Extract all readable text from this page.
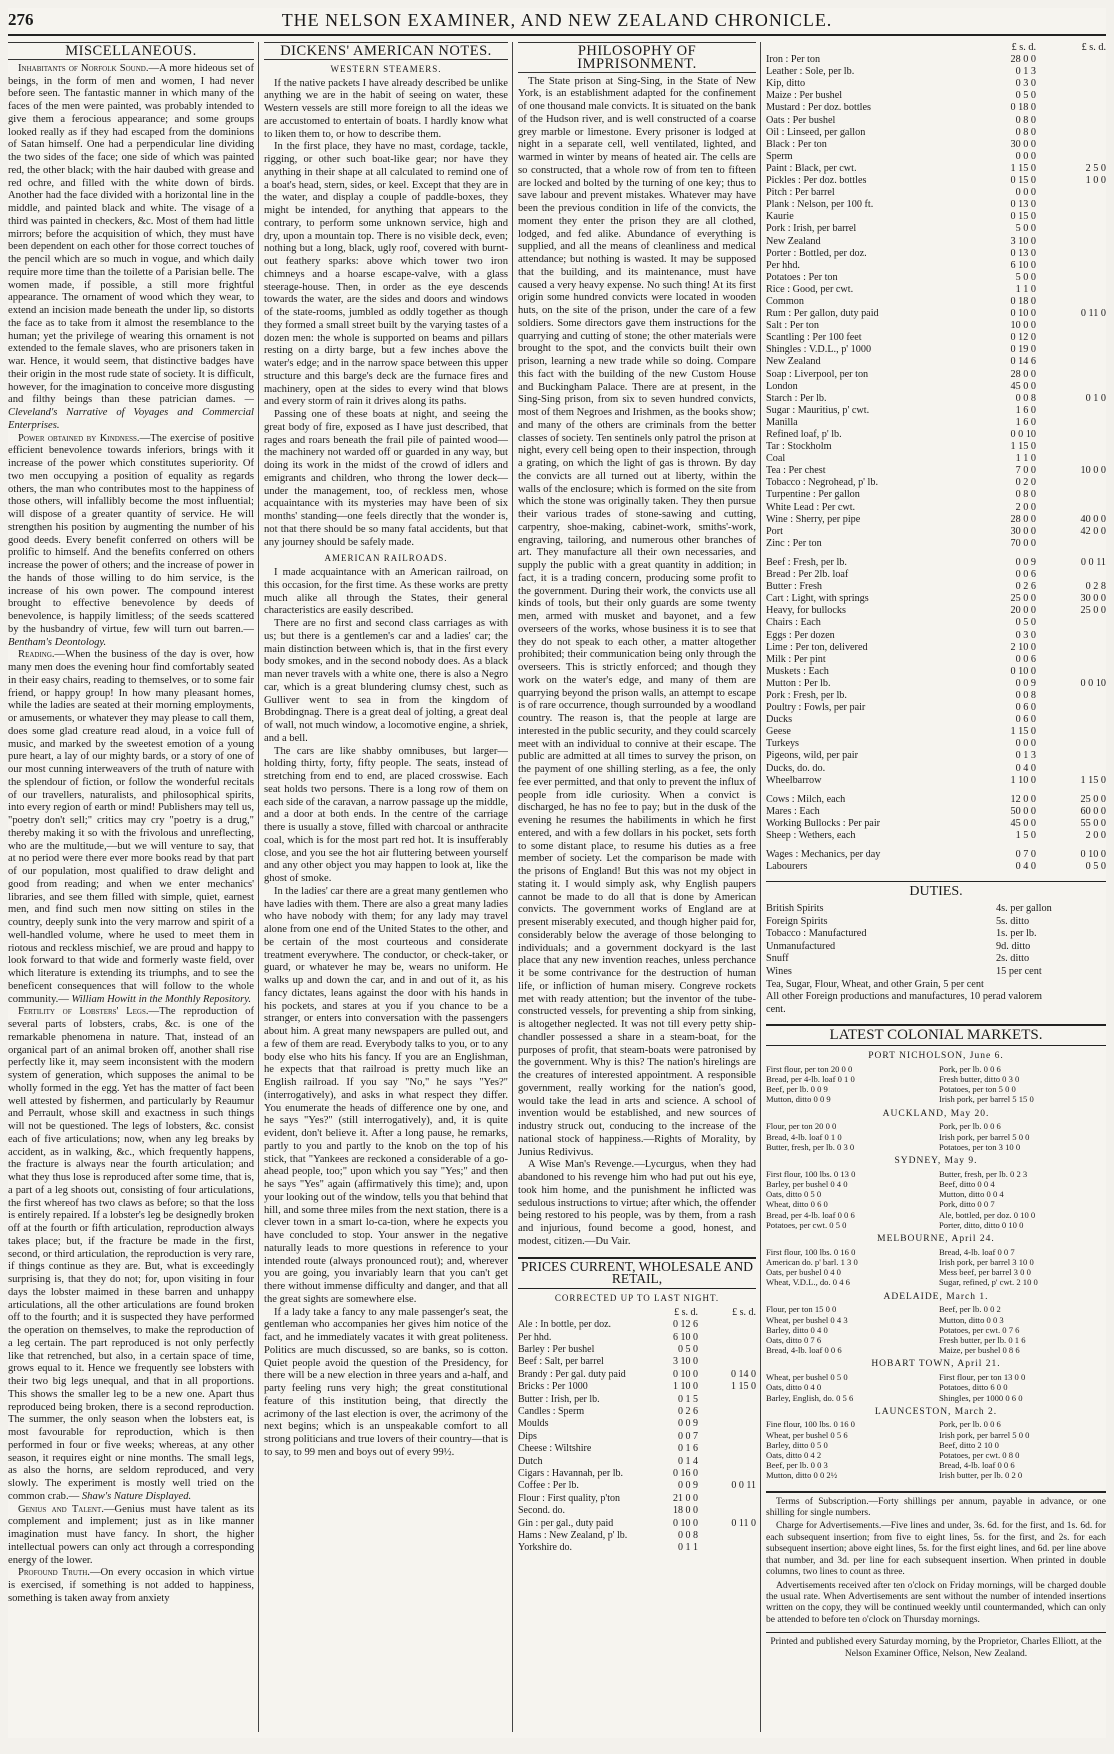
276	THE NELSON EXAMINER, AND NEW ZEALAND CHRONICLE.
MISCELLANEOUS.

Inhabitants of Norfolk Sound.—A more hideous set of beings, in the form of men and women, I had never before seen. The fantastic manner in which many of the faces of the men were painted, was probably intended to give them a ferocious appearance; and some groups looked really as if they had escaped from the dominions of Satan himself. One had a perpendicular line dividing the two sides of the face; one side of which was painted red, the other black; with the hair daubed with grease and red ochre, and filled with the white down of birds. Another had the face divided with a horizontal line in the middle, and painted black and white. The visage of a third was painted in checkers, &c. Most of them had little mirrors; before the acquisition of which, they must have been dependent on each other for those correct touches of the pencil which are so much in vogue, and which daily require more time than the toilette of a Parisian belle. The women made, if possible, a still more frightful appearance. The ornament of wood which they wear, to extend an incision made beneath the under lip, so distorts the face as to take from it almost the resemblance to the human; yet the privilege of wearing this ornament is not extended to the female slaves, who are prisoners taken in war. Hence, it would seem, that distinctive badges have their origin in the most rude state of society. It is difficult, however, for the imagination to conceive more disgusting and filthy beings than these patrician dames. — Cleveland's Narrative of Voyages and Commercial Enterprises.

Power obtained by Kindness.—The exercise of positive efficient benevolence towards inferiors, brings with it increase of the power which constitutes superiority. Of two men occupying a position of equality as regards others, the man who contributes most to the happiness of those others, will infallibly become the most influential; will dispose of a greater quantity of service. He will strengthen his position by augmenting the number of his good deeds. Every benefit conferred on others will be prolific to himself. And the benefits conferred on others increase the power of others; and the increase of power in the hands of those willing to do him service, is the increase of his own power. The compound interest brought to effective benevolence by deeds of benevolence, is happily limitless; of the seeds scattered by the husbandry of virtue, few will turn out barren.— Bentham's Deontology.

Reading.—When the business of the day is over, how many men does the evening hour find comfortably seated in their easy chairs, reading to themselves, or to some fair friend, or happy group! In how many pleasant homes, while the ladies are seated at their morning employments, or amusements, or whatever they may please to call them, does some glad creature read aloud, in a voice full of music, and marked by the sweetest emotion of a young pure heart, a lay of our mighty bards, or a story of one of our most cunning interweavers of the truth of nature with the splendour of fiction, or follow the wonderful recitals of our travellers, naturalists, and philosophical spirits, into every region of earth or mind! Publishers may tell us, "poetry don't sell;" critics may cry "poetry is a drug," thereby making it so with the frivolous and unreflecting, who are the multitude,—but we will venture to say, that at no period were there ever more books read by that part of our population, most qualified to draw delight and good from reading; and when we enter mechanics' libraries, and see them filled with simple, quiet, earnest men, and find such men now sitting on stiles in the country, deeply sunk into the very marrow and spirit of a well-handled volume, where he used to meet them in riotous and reckless mischief, we are proud and happy to look forward to that wide and formerly waste field, over which literature is extending its triumphs, and to see the beneficent consequences that will follow to the whole community.— William Howitt in the Monthly Repository.

Fertility of Lobsters' Legs.—The reproduction of several parts of lobsters, crabs, &c. is one of the remarkable phenomena in nature. That, instead of an organical part of an animal broken off, another shall rise perfectly like it, may seem inconsistent with the modern system of generation, which supposes the animal to be wholly formed in the egg. Yet has the matter of fact been well attested by fishermen, and particularly by Reaumur and Perrault, whose skill and exactness in such things will not be questioned. The legs of lobsters, &c. consist each of five articulations; now, when any leg breaks by accident, as in walking, &c., which frequently happens, the fracture is always near the fourth articulation; and what they thus lose is reproduced after some time, that is, a part of a leg shoots out, consisting of four articulations, the first whereof has two claws as before; so that the loss is entirely repaired. If a lobster's leg be designedly broken off at the fourth or fifth articulation, reproduction always takes place; but, if the fracture be made in the first, second, or third articulation, the reproduction is very rare, if things continue as they are. But, what is exceedingly surprising is, that they do not; for, upon visiting in four days the lobster maimed in these barren and unhappy articulations, all the other articulations are found broken off to the fourth; and it is suspected they have performed the operation on themselves, to make the reproduction of a leg certain. The part reproduced is not only perfectly like that retrenched, but also, in a certain space of time, grows equal to it. Hence we frequently see lobsters with their two big legs unequal, and that in all proportions. This shows the smaller leg to be a new one. Apart thus reproduced being broken, there is a second reproduction. The summer, the only season when the lobsters eat, is most favourable for reproduction, which is then performed in four or five weeks; whereas, at any other season, it requires eight or nine months. The small legs, as also the horns, are seldom reproduced, and very slowly. The experiment is mostly well tried on the common crab.— Shaw's Nature Displayed.

Genius and Talent.—Genius must have talent as its complement and implement; just as in like manner imagination must have fancy. In short, the higher intellectual powers can only act through a corresponding energy of the lower.

Profound Truth.—On every occasion in which virtue is exercised, if something is not added to happiness, something is taken away from anxiety

DICKENS' AMERICAN NOTES.
WESTERN STEAMERS.

If the native packets I have already described be unlike anything we are in the habit of seeing on water, these Western vessels are still more foreign to all the ideas we are accustomed to entertain of boats. I hardly know what to liken them to, or how to describe them.

In the first place, they have no mast, cordage, tackle, rigging, or other such boat-like gear; nor have they anything in their shape at all calculated to remind one of a boat's head, stern, sides, or keel. Except that they are in the water, and display a couple of paddle-boxes, they might be intended, for anything that appears to the contrary, to perform some unknown service, high and dry, upon a mountain top. There is no visible deck, even; nothing but a long, black, ugly roof, covered with burnt-out feathery sparks: above which tower two iron chimneys and a hoarse escape-valve, with a glass steerage-house. Then, in order as the eye descends towards the water, are the sides and doors and windows of the state-rooms, jumbled as oddly together as though they formed a small street built by the varying tastes of a dozen men: the whole is supported on beams and pillars resting on a dirty barge, but a few inches above the water's edge; and in the narrow space between this upper structure and this barge's deck are the furnace fires and machinery, open at the sides to every wind that blows and every storm of rain it drives along its paths.

Passing one of these boats at night, and seeing the great body of fire, exposed as I have just described, that rages and roars beneath the frail pile of painted wood—the machinery not warded off or guarded in any way, but doing its work in the midst of the crowd of idlers and emigrants and children, who throng the lower deck—under the management, too, of reckless men, whose acquaintance with its mysteries may have been of six months' standing—one feels directly that the wonder is, not that there should be so many fatal accidents, but that any journey should be safely made.

AMERICAN RAILROADS.

I made acquaintance with an American railroad, on this occasion, for the first time. As these works are pretty much alike all through the States, their general characteristics are easily described.

There are no first and second class carriages as with us; but there is a gentlemen's car and a ladies' car; the main distinction between which is, that in the first every body smokes, and in the second nobody does. As a black man never travels with a white one, there is also a Negro car, which is a great blundering clumsy chest, such as Gulliver went to sea in from the kingdom of Brobdingnag. There is a great deal of jolting, a great deal of wall, not much window, a locomotive engine, a shriek, and a bell.

The cars are like shabby omnibuses, but larger—holding thirty, forty, fifty people. The seats, instead of stretching from end to end, are placed crosswise. Each seat holds two persons. There is a long row of them on each side of the caravan, a narrow passage up the middle, and a door at both ends. In the centre of the carriage there is usually a stove, filled with charcoal or anthracite coal, which is for the most part red hot. It is insufferably close, and you see the hot air fluttering between yourself and any other object you may happen to look at, like the ghost of smoke.

In the ladies' car there are a great many gentlemen who have ladies with them. There are also a great many ladies who have nobody with them; for any lady may travel alone from one end of the United States to the other, and be certain of the most courteous and considerate treatment everywhere. The conductor, or check-taker, or guard, or whatever he may be, wears no uniform. He walks up and down the car, and in and out of it, as his fancy dictates, leans against the door with his hands in his pockets, and stares at you if you chance to be a stranger, or enters into conversation with the passengers about him. A great many newspapers are pulled out, and a few of them are read. Everybody talks to you, or to any body else who hits his fancy. If you are an Englishman, he expects that that railroad is pretty much like an English railroad. If you say "No," he says "Yes?" (interrogatively), and asks in what respect they differ. You enumerate the heads of difference one by one, and he says "Yes?" (still interrogatively), and, it is quite evident, don't believe it. After a long pause, he remarks, partly to you and partly to the knob on the top of his stick, that "Yankees are reckoned a considerable of a go-ahead people, too;" upon which you say "Yes;" and then he says "Yes" again (affirmatively this time); and, upon your looking out of the window, tells you that behind that hill, and some three miles from the next station, there is a clever town in a smart lo-ca-tion, where he expects you have concluded to stop. Your answer in the negative naturally leads to more questions in reference to your intended route (always pronounced rout); and, wherever you are going, you invariably learn that you can't get there without immense difficulty and danger, and that all the great sights are somewhere else.

If a lady take a fancy to any male passenger's seat, the gentleman who accompanies her gives him notice of the fact, and he immediately vacates it with great politeness. Politics are much discussed, so are banks, so is cotton. Quiet people avoid the question of the Presidency, for there will be a new election in three years and a-half, and party feeling runs very high; the great constitutional feature of this institution being, that directly the acrimony of the last election is over, the acrimony of the next begins; which is an unspeakable comfort to all strong politicians and true lovers of their country—that is to say, to 99 men and boys out of every 99½.

PHILOSOPHY OF IMPRISONMENT.

The State prison at Sing-Sing, in the State of New York, is an establishment adapted for the confinement of one thousand male convicts. It is situated on the bank of the Hudson river, and is well constructed of a coarse grey marble or limestone. Every prisoner is lodged at night in a separate cell, well ventilated, lighted, and warmed in winter by means of heated air. The cells are so constructed, that a whole row of from ten to fifteen are locked and bolted by the turning of one key; thus to save labour and prevent mistakes. Whatever may have been the previous condition in life of the convicts, the moment they enter the prison they are all clothed, lodged, and fed alike. Abundance of everything is supplied, and all the means of cleanliness and medical attendance; but nothing is wasted. It may be supposed that the building, and its maintenance, must have caused a very heavy expense. No such thing! At its first origin some hundred convicts were located in wooden huts, on the site of the prison, under the care of a few soldiers. Some directors gave them instructions for the quarrying and cutting of stone; the other materials were brought to the spot, and the convicts built their own prison, learning a new trade while so doing. Compare this fact with the building of the new Custom House and Buckingham Palace. There are at present, in the Sing-Sing prison, from six to seven hundred convicts, most of them Negroes and Irishmen, as the books show; and many of the others are criminals from the better classes of society. Ten sentinels only patrol the prison at night, every cell being open to their inspection, through a grating, on which the light of gas is thrown. By day the convicts are all turned out at liberty, within the walls of the enclosure; which is formed on the site from which the stone was originally taken. They then pursue their various trades of stone-sawing and cutting, carpentry, shoe-making, cabinet-work, smiths'-work, engraving, tailoring, and numerous other branches of art. They manufacture all their own necessaries, and supply the public with a great quantity in addition; in fact, it is a trading concern, producing some profit to the government. During their work, the convicts use all kinds of tools, but their only guards are some twenty men, armed with musket and bayonet, and a few overseers of the works, whose business it is to see that they do not speak to each other, a matter altogether prohibited; their communication being only through the overseers. This is strictly enforced; and though they work on the water's edge, and many of them are quarrying beyond the prison walls, an attempt to escape is of rare occurrence, though surrounded by a woodland country. The reason is, that the people at large are interested in the public security, and they could scarcely meet with an individual to connive at their escape. The public are admitted at all times to survey the prison, on the payment of one shilling sterling, as a fee, the only fee ever permitted, and that only to prevent the influx of people from idle curiosity. When a convict is discharged, he has no fee to pay; but in the dusk of the evening he resumes the habiliments in which he first entered, and with a few dollars in his pocket, sets forth to some distant place, to resume his duties as a free member of society. Let the comparison be made with the prisons of England! But this was not my object in stating it. I would simply ask, why English paupers cannot be made to do all that is done by American convicts. The government works of England are at present miserably executed, and though higher paid for, considerably below the average of those belonging to individuals; and a government dockyard is the last place that any new invention reaches, unless perchance it be some contrivance for the destruction of human life, or infliction of human misery. Congreve rockets met with ready attention; but the inventor of the tube-constructed vessels, for preventing a ship from sinking, is altogether neglected. It was not till every petty ship-chandler possessed a share in a steam-boat, for the purposes of profit, that steam-boats were patronised by the government. Why is this? The nation's hirelings are the creatures of interested appointment. A responsible government, really working for the nation's good, would take the lead in arts and science. A school of invention would be established, and new sources of industry struck out, conducing to the increase of the national stock of happiness.—Rights of Morality, by Junius Redivivus.

A Wise Man's Revenge.—Lycurgus, when they had abandoned to his revenge him who had put out his eye, took him home, and the punishment he inflicted was sedulous instructions to virtue; after which, the offender being restored to his people, was by them, from a rash and injurious, found become a good, honest, and modest, citizen.—Du Vair.

PRICES CURRENT, WHOLESALE AND RETAIL,
CORRECTED UP TO LAST NIGHT.
£ s. d.	£ s. d.
Ale : In bottle, per doz.	0 12 6
Per hhd.	6 10 0
Barley : Per bushel	0 5 0
Beef : Salt, per barrel	3 10 0
Brandy : Per gal. duty paid	0 10 0	0 14 0
Bricks : Per 1000	1 10 0	1 15 0
Butter : Irish, per lb.	0 1 5
Candles : Sperm	0 2 6
Moulds	0 0 9
Dips	0 0 7
Cheese : Wiltshire	0 1 6
Dutch	0 1 4
Cigars : Havannah, per lb.	0 16 0
Coffee : Per lb.	0 0 9	0 0 11
Flour : First quality, p'ton	21 0 0
Second. do.	18 0 0
Gin : per gal., duty paid	0 10 0	0 11 0
Hams : New Zealand, p' lb.	0 0 8
Yorkshire do.	0 1 1
£ s. d.	£ s. d.
Iron : Per ton	28 0 0
Leather : Sole, per lb.	0 1 3
Kip, ditto	0 3 0
Maize : Per bushel	0 5 0
Mustard : Per doz. bottles	0 18 0
Oats : Per bushel	0 8 0
Oil : Linseed, per gallon	0 8 0
Black : Per ton	30 0 0
Sperm	0 0 0
Paint : Black, per cwt.	1 15 0	2 5 0
Pickles : Per doz. bottles	0 15 0	1 0 0
Pitch : Per barrel	0 0 0
Plank : Nelson, per 100 ft.	0 13 0
Kaurie	0 15 0
Pork : Irish, per barrel	5 0 0
New Zealand	3 10 0
Porter : Bottled, per doz.	0 13 0
Per hhd.	6 10 0
Potatoes : Per ton	5 0 0
Rice : Good, per cwt.	1 1 0
Common	0 18 0
Rum : Per gallon, duty paid	0 10 0	0 11 0
Salt : Per ton	10 0 0
Scantling : Per 100 feet	0 12 0
Shingles : V.D.L., p' 1000	0 19 0
New Zealand	0 14 6
Soap : Liverpool, per ton	28 0 0
London	45 0 0
Starch : Per lb.	0 0 8	0 1 0
Sugar : Mauritius, p' cwt.	1 6 0
Manilla	1 6 0
Refined loaf, p' lb.	0 0 10
Tar : Stockholm	1 15 0
Coal	1 1 0
Tea : Per chest	7 0 0	10 0 0
Tobacco : Negrohead, p' lb.	0 2 0
Turpentine : Per gallon	0 8 0
White Lead : Per cwt.	2 0 0
Wine : Sherry, per pipe	28 0 0	40 0 0
Port	30 0 0	42 0 0
Zinc : Per ton	70 0 0
Beef : Fresh, per lb.	0 0 9	0 0 11
Bread : Per 2lb. loaf	0 0 6
Butter : Fresh	0 2 6	0 2 8
Cart : Light, with springs	25 0 0	30 0 0
Heavy, for bullocks	20 0 0	25 0 0
Chairs : Each	0 5 0
Eggs : Per dozen	0 3 0
Lime : Per ton, delivered	2 10 0
Milk : Per pint	0 0 6
Muskets : Each	0 10 0
Mutton : Per lb.	0 0 9	0 0 10
Pork : Fresh, per lb.	0 0 8
Poultry : Fowls, per pair	0 6 0
Ducks	0 6 0
Geese	1 15 0
Turkeys	0 0 0
Pigeons, wild, per pair	0 1 3
Ducks, do. do.	0 4 0
Wheelbarrow	1 10 0	1 15 0
Cows : Milch, each	12 0 0	25 0 0
Mares : Each	50 0 0	60 0 0
Working Bullocks : Per pair	45 0 0	55 0 0
Sheep : Wethers, each	1 5 0	2 0 0
Wages : Mechanics, per day	0 7 0	0 10 0
Labourers	0 4 0	0 5 0
DUTIES.
British Spirits	4s. per gallon
Foreign Spirits	5s. ditto
Tobacco : Manufactured	1s. per lb.
Unmanufactured	9d. ditto
Snuff	2s. ditto
Wines	15 per cent
Tea, Sugar, Flour, Wheat, and other Grain, 5 per cent
All other Foreign productions and manufactures, 10 per cent.
ad valorem
LATEST COLONIAL MARKETS.
PORT NICHOLSON, June 6.
First flour, per ton 20 0 0	Pork, per lb. 0 0 6
Bread, per 4-lb. loaf 0 1 0	Fresh butter, ditto 0 3 0
Beef, per lb. 0 0 9	Potatoes, per ton 5 0 0
Mutton, ditto 0 0 9	Irish pork, per barrel 5 15 0
AUCKLAND, May 20.
Flour, per ton 20 0 0	Pork, per lb. 0 0 6
Bread, 4-lb. loaf 0 1 0	Irish pork, per barrel 5 0 0
Butter, fresh, per lb. 0 3 0	Potatoes, per ton 3 10 0
SYDNEY, May 9.
First flour, 100 lbs. 0 13 0	Butter, fresh, per lb. 0 2 3
Barley, per bushel 0 4 0	Beef, ditto 0 0 4
Oats, ditto 0 5 0	Mutton, ditto 0 0 4
Wheat, ditto 0 6 0	Pork, ditto 0 0 7
Bread, per 4-lb. loaf 0 0 6	Ale, bottled, per doz. 0 10 0
Potatoes, per cwt. 0 5 0	Porter, ditto, ditto 0 10 0
MELBOURNE, April 24.
First flour, 100 lbs. 0 16 0	Bread, 4-lb. loaf 0 0 7
American do. p' barl. 1 3 0	Irish pork, per barrel 3 10 0
Oats, per bushel 0 4 0	Mess beef, per barrel 3 0 0
Wheat, V.D.L., do. 0 4 6	Sugar, refined, p' cwt. 2 10 0
ADELAIDE, March 1.
Flour, per ton 15 0 0	Beef, per lb. 0 0 2
Wheat, per bushel 0 4 3	Mutton, ditto 0 0 3
Barley, ditto 0 4 0	Potatoes, per cwt. 0 7 6
Oats, ditto 0 7 6	Fresh butter, per lb. 0 1 6
Bread, 4-lb. loaf 0 0 6	Maize, per bushel 0 8 6
HOBART TOWN, April 21.
Wheat, per bushel 0 5 0	First flour, per ton 13 0 0
Oats, ditto 0 4 0	Potatoes, ditto 6 0 0
Barley, English, do. 0 5 6	Shingles, per 1000 0 6 0
LAUNCESTON, March 2.
Fine flour, 100 lbs. 0 16 0	Pork, per lb. 0 0 6
Wheat, per bushel 0 5 6	Irish pork, per barrel 5 0 0
Barley, ditto 0 5 0	Beef, ditto 2 10 0
Oats, ditto 0 4 2	Potatoes, per cwt. 0 8 0
Beef, per lb. 0 0 3	Bread, 4-lb. loaf 0 0 6
Mutton, ditto 0 0 2½	Irish butter, per lb. 0 2 0

Terms of Subscription.—Forty shillings per annum, payable in advance, or one shilling for single numbers.

Charge for Advertisements.—Five lines and under, 3s. 6d. for the first, and 1s. 6d. for each subsequent insertion; from five to eight lines, 5s. for the first, and 2s. for each subsequent insertion; above eight lines, 5s. for the first eight lines, and 6d. per line above that number, and 3d. per line for each subsequent insertion. When printed in double columns, two lines to count as three.

Advertisements received after ten o'clock on Friday mornings, will be charged double the usual rate. When Advertisements are sent without the number of intended insertions written on the copy, they will be continued weekly until countermanded, which can only be attended to before ten o'clock on Thursday mornings.

Printed and published every Saturday morning, by the Proprietor, Charles Elliott, at the Nelson Examiner Office, Nelson, New Zealand.
